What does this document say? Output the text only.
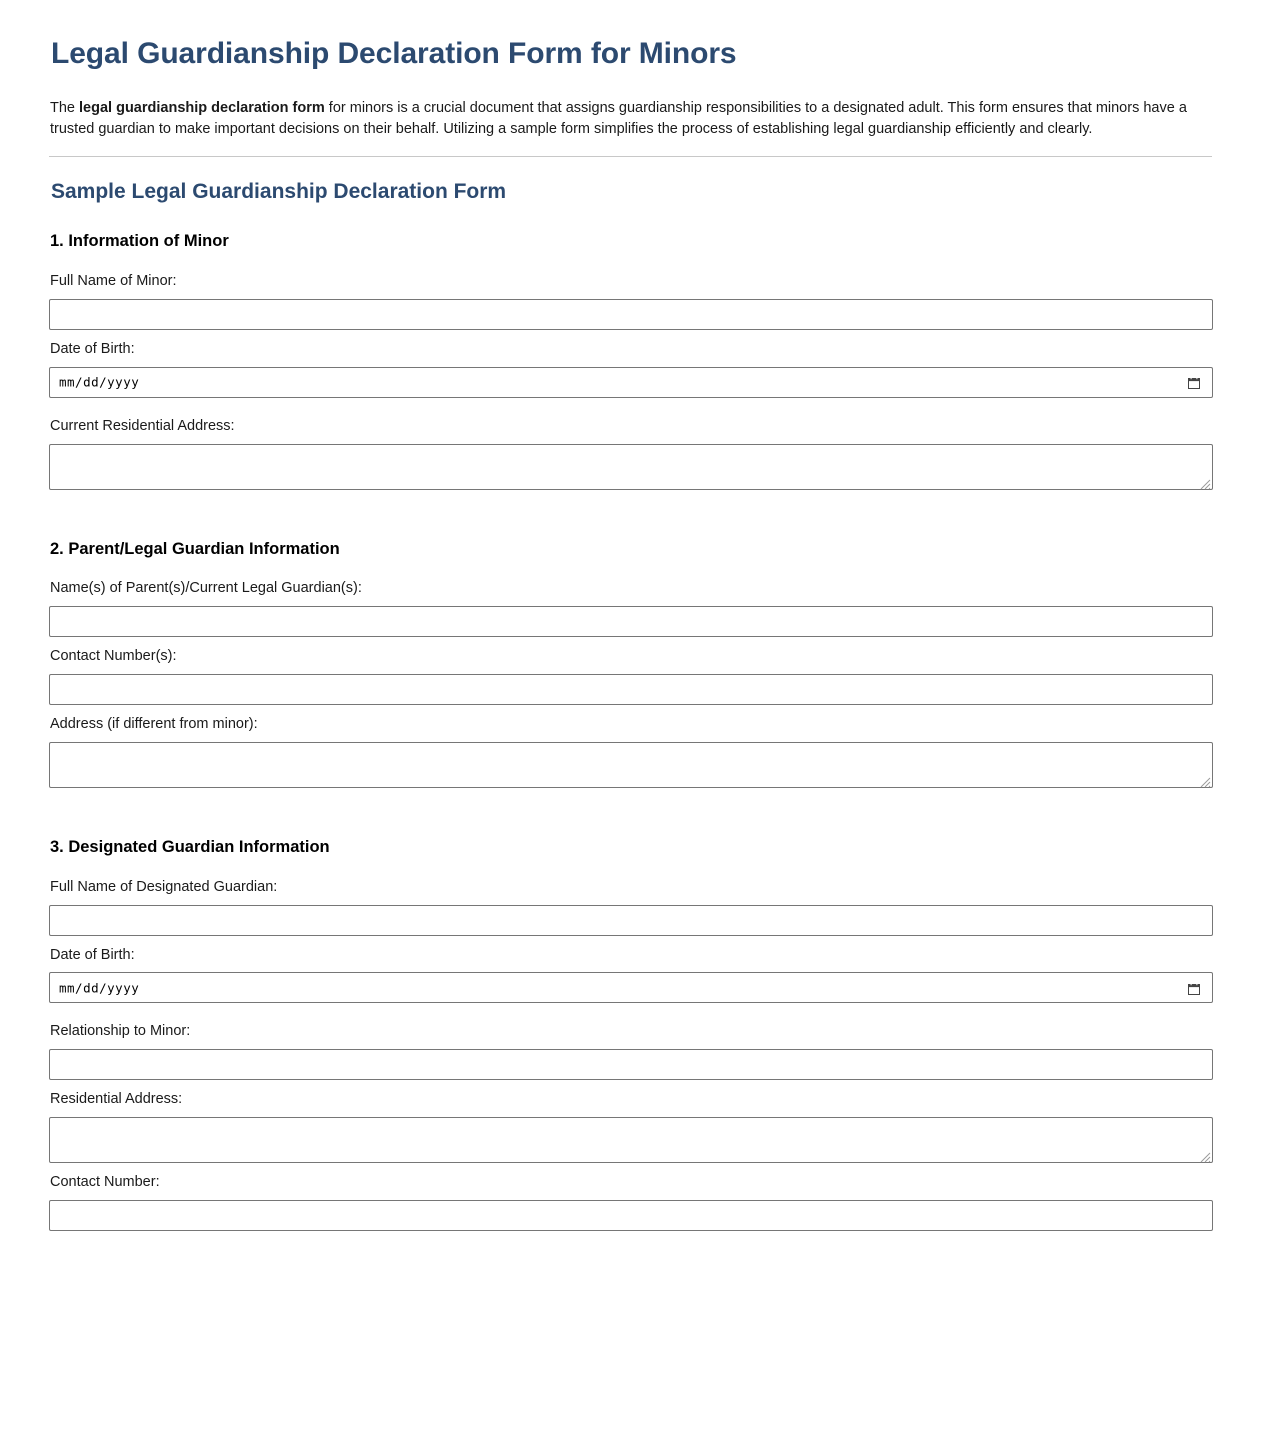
Legal Guardianship Declaration Form for Minors

The legal guardianship declaration form for minors is a crucial document that assigns guardianship responsibilities to a designated adult. This form ensures that minors have a trusted guardian to make important decisions on their behalf. Utilizing a sample form simplifies the process of establishing legal guardianship efficiently and clearly.

Sample Legal Guardianship Declaration Form
1. Information of Minor
Full Name of Minor:
Date of Birth:
mm/dd/yyyy
Current Residential Address:
2. Parent/Legal Guardian Information
Name(s) of Parent(s)/Current Legal Guardian(s):
Contact Number(s):
Address (if different from minor):
3. Designated Guardian Information
Full Name of Designated Guardian:
Date of Birth:
mm/dd/yyyy
Relationship to Minor:
Residential Address:
Contact Number:
